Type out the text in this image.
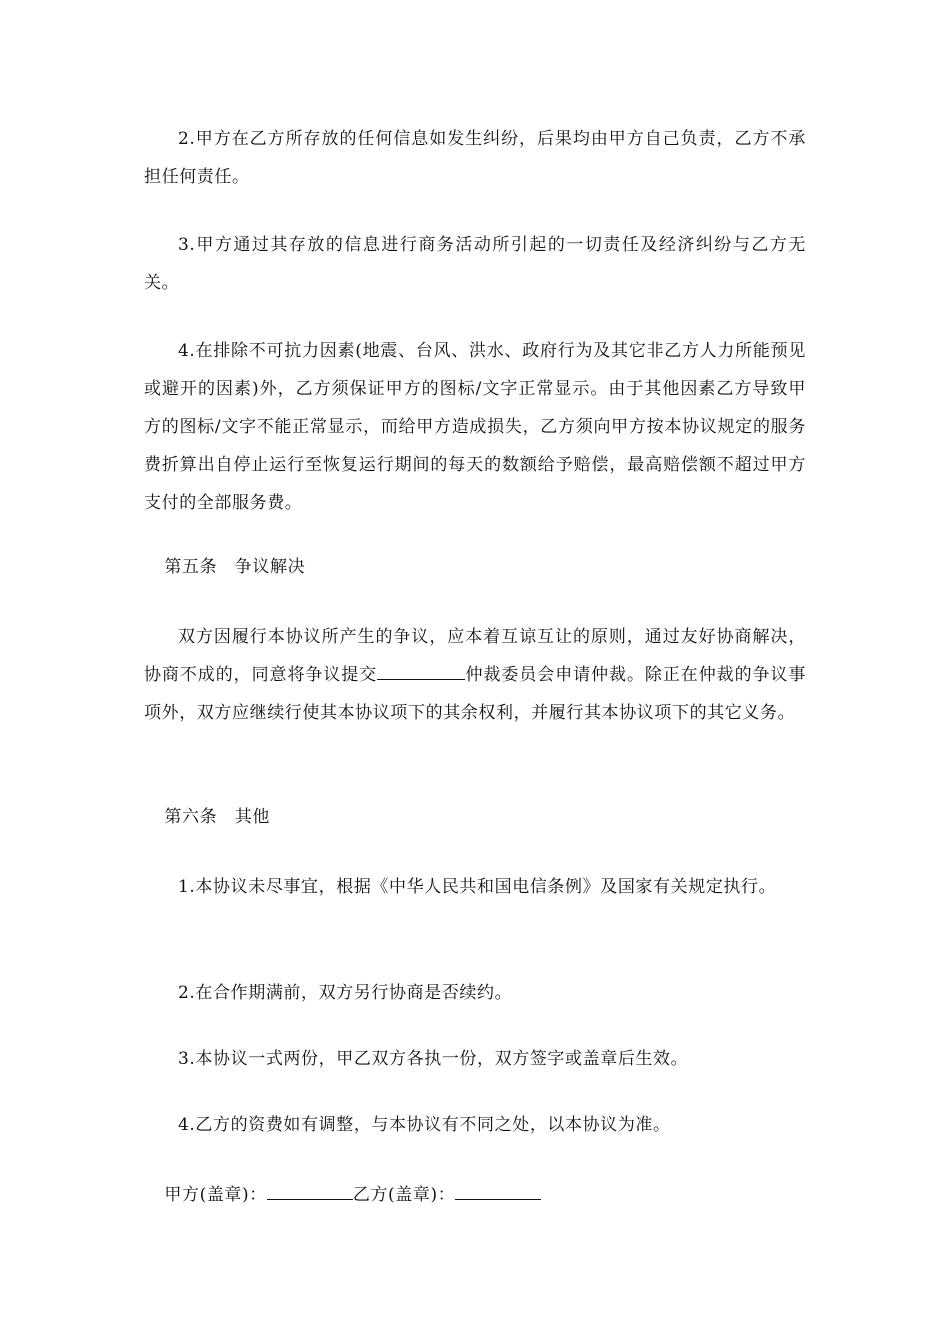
2.甲方在乙方所存放的任何信息如发生纠纷，后果均由甲方自己负责，乙方不承担任何责任。

3.甲方通过其存放的信息进行商务活动所引起的一切责任及经济纠纷与乙方无关。

4.在排除不可抗力因素(地震、台风、洪水、政府行为及其它非乙方人力所能预见或避开的因素)外，乙方须保证甲方的图标/文字正常显示。由于其他因素乙方导致甲方的图标/文字不能正常显示，而给甲方造成损失，乙方须向甲方按本协议规定的服务费折算出自停止运行至恢复运行期间的每天的数额给予赔偿，最高赔偿额不超过甲方支付的全部服务费。

第五条　争议解决

双方因履行本协议所产生的争议，应本着互谅互让的原则，通过友好协商解决，协商不成的，同意将争议提交	仲裁委员会申请仲裁。除正在仲裁的争议事项外，双方应继续行使其本协议项下的其余权利，并履行其本协议项下的其它义务。

第六条　其他

1.本协议未尽事宜，根据《中华人民共和国电信条例》及国家有关规定执行。

2.在合作期满前，双方另行协商是否续约。

3.本协议一式两份，甲乙双方各执一份，双方签字或盖章后生效。

4.乙方的资费如有调整，与本协议有不同之处，以本协议为准。

甲方(盖章)：	乙方(盖章)：
